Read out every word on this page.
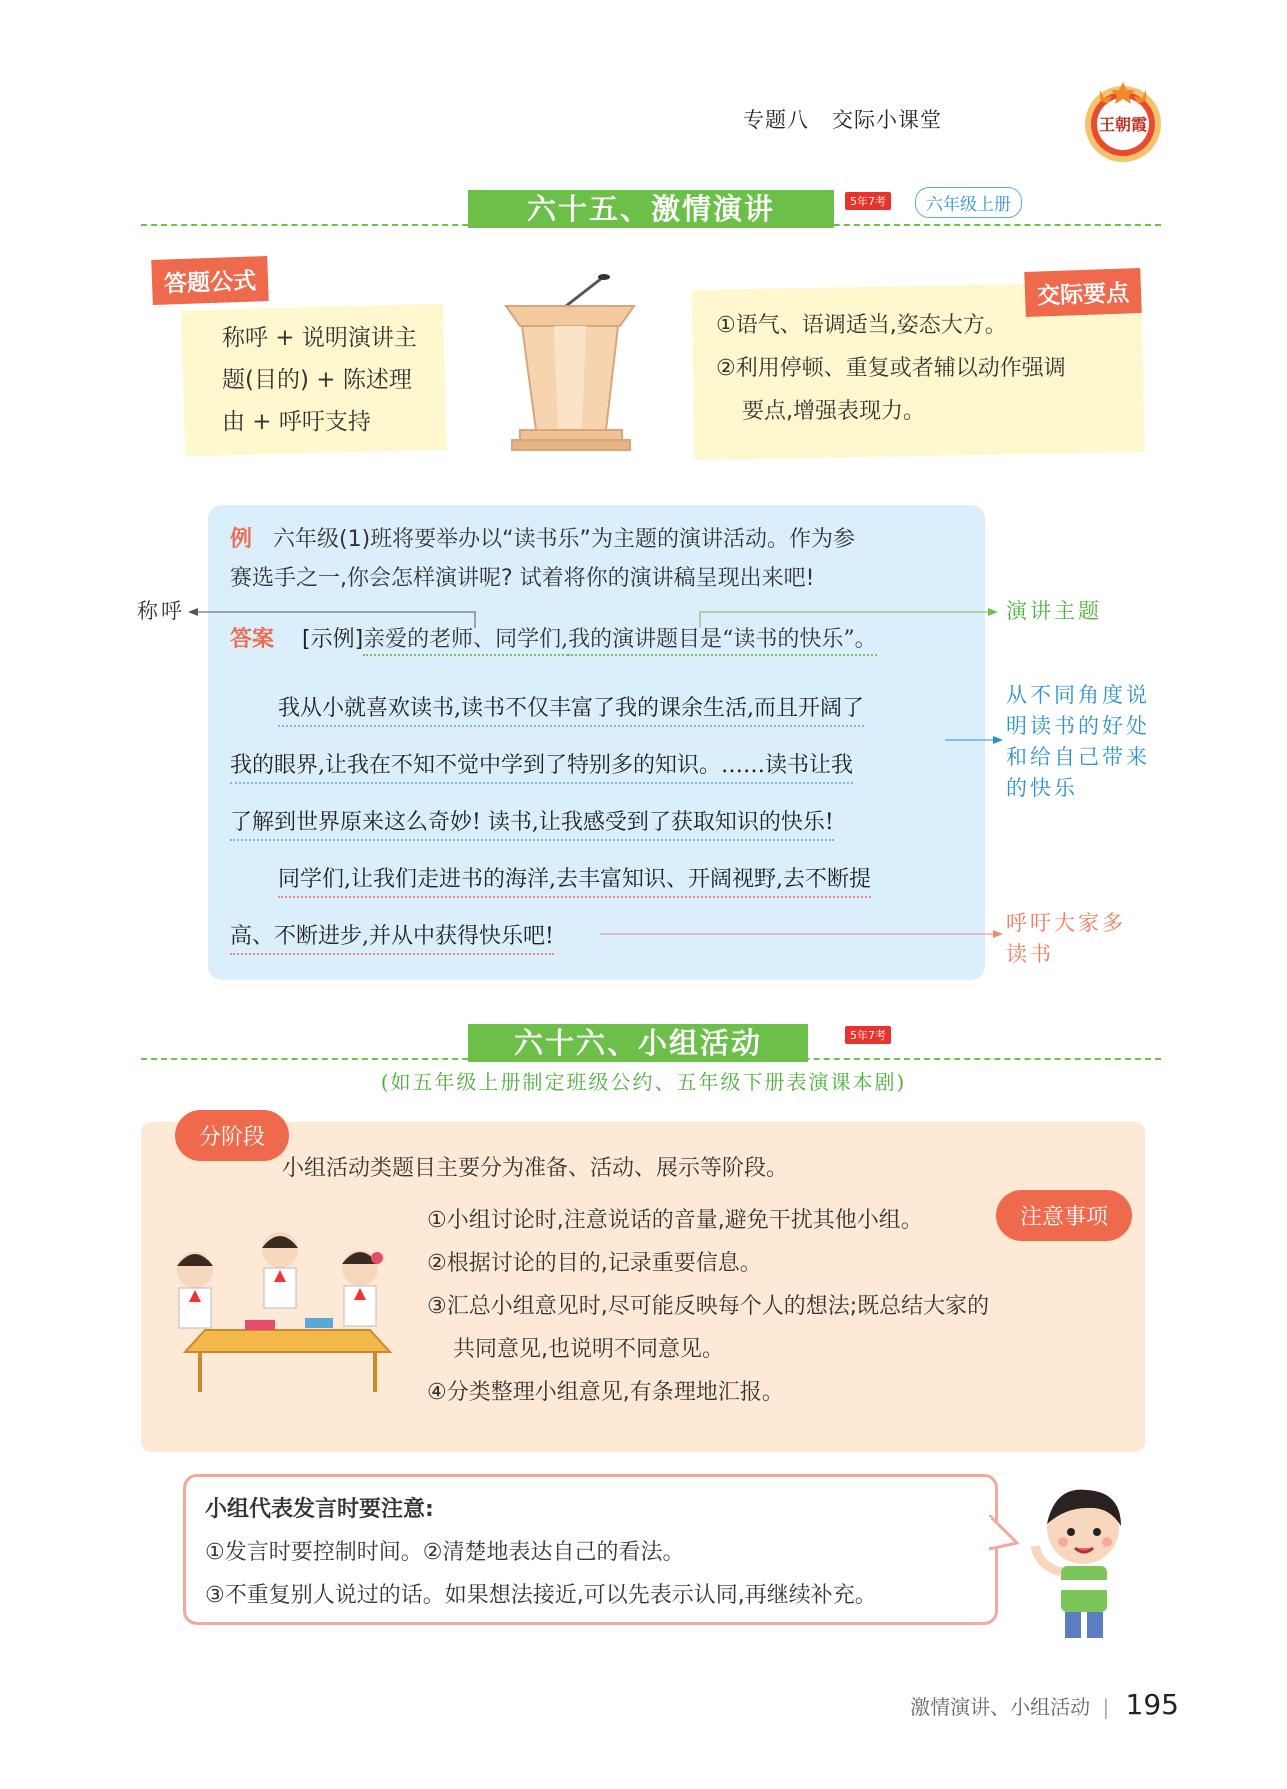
专题八 交际小课堂	王朝霞
六十五、激情演讲	5年7考	六年级上册
答题公式
称呼 + 说明演讲主
题(目的) + 陈述理
由 + 呼吁支持
交际要点
①语气、语调适当,姿态大方。
②利用停顿、重复或者辅以动作强调
要点,增强表现力。
例 六年级(1)班将要举办以“读书乐”为主题的演讲活动。作为参
赛选手之一,你会怎样演讲呢? 试着将你的演讲稿呈现出来吧!
答案 [示例]亲爱的老师、同学们,我的演讲题目是“读书的快乐”。
我从小就喜欢读书,读书不仅丰富了我的课余生活,而且开阔了
我的眼界,让我在不知不觉中学到了特别多的知识。……读书让我
了解到世界原来这么奇妙! 读书,让我感受到了获取知识的快乐!
同学们,让我们走进书的海洋,去丰富知识、开阔视野,去不断提
高、不断进步,并从中获得快乐吧!
称呼	演讲主题
从不同角度说
明读书的好处
和给自己带来
的快乐
呼吁大家多
读书
六十六、小组活动	5年7考
(如五年级上册制定班级公约、五年级下册表演课本剧)
分阶段
小组活动类题目主要分为准备、活动、展示等阶段。
注意事项
①小组讨论时,注意说话的音量,避免干扰其他小组。
②根据讨论的目的,记录重要信息。
③汇总小组意见时,尽可能反映每个人的想法;既总结大家的
共同意见,也说明不同意见。
④分类整理小组意见,有条理地汇报。
小组代表发言时要注意:
①发言时要控制时间。②清楚地表达自己的看法。
③不重复别人说过的话。如果想法接近,可以先表示认同,再继续补充。
激情演讲、小组活动 | 195
